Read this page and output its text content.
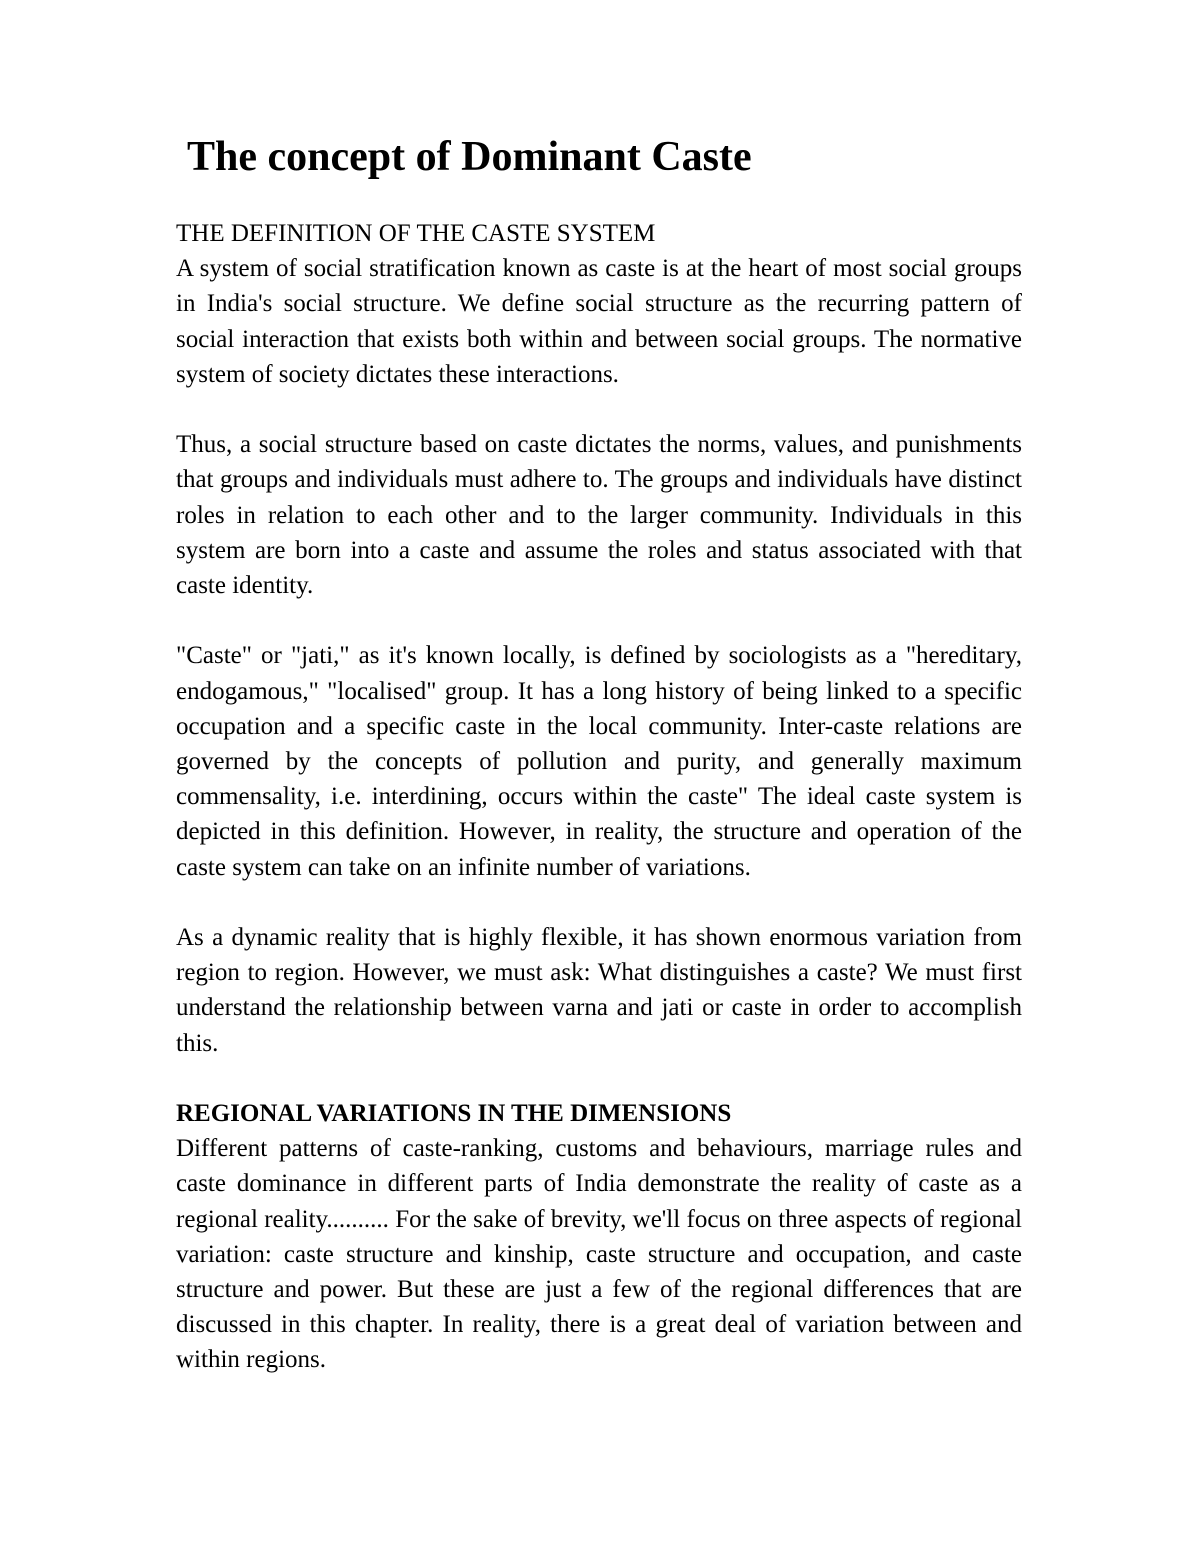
The concept of Dominant Caste
THE DEFINITION OF THE CASTE SYSTEM

A system of social stratification known as caste is at the heart of most social groups in India's social structure. We define social structure as the recurring pattern of social interaction that exists both within and between social groups. The normative system of society dictates these interactions.

Thus, a social structure based on caste dictates the norms, values, and punishments that groups and individuals must adhere to. The groups and individuals have distinct roles in relation to each other and to the larger community. Individuals in this system are born into a caste and assume the roles and status associated with that caste identity.

"Caste" or "jati," as it's known locally, is defined by sociologists as a "hereditary, endogamous," "localised" group. It has a long history of being linked to a specific occupation and a specific caste in the local community. Inter-caste relations are governed by the concepts of pollution and purity, and generally maximum commensality, i.e. interdining, occurs within the caste" The ideal caste system is depicted in this definition. However, in reality, the structure and operation of the caste system can take on an infinite number of variations.

As a dynamic reality that is highly flexible, it has shown enormous variation from region to region. However, we must ask: What distinguishes a caste? We must first understand the relationship between varna and jati or caste in order to accomplish this.

REGIONAL VARIATIONS IN THE DIMENSIONS

Different patterns of caste-ranking, customs and behaviours, marriage rules and caste dominance in different parts of India demonstrate the reality of caste as a regional reality.......... For the sake of brevity, we'll focus on three aspects of regional variation: caste structure and kinship, caste structure and occupation, and caste structure and power. But these are just a few of the regional differences that are discussed in this chapter. In reality, there is a great deal of variation between and within regions.
